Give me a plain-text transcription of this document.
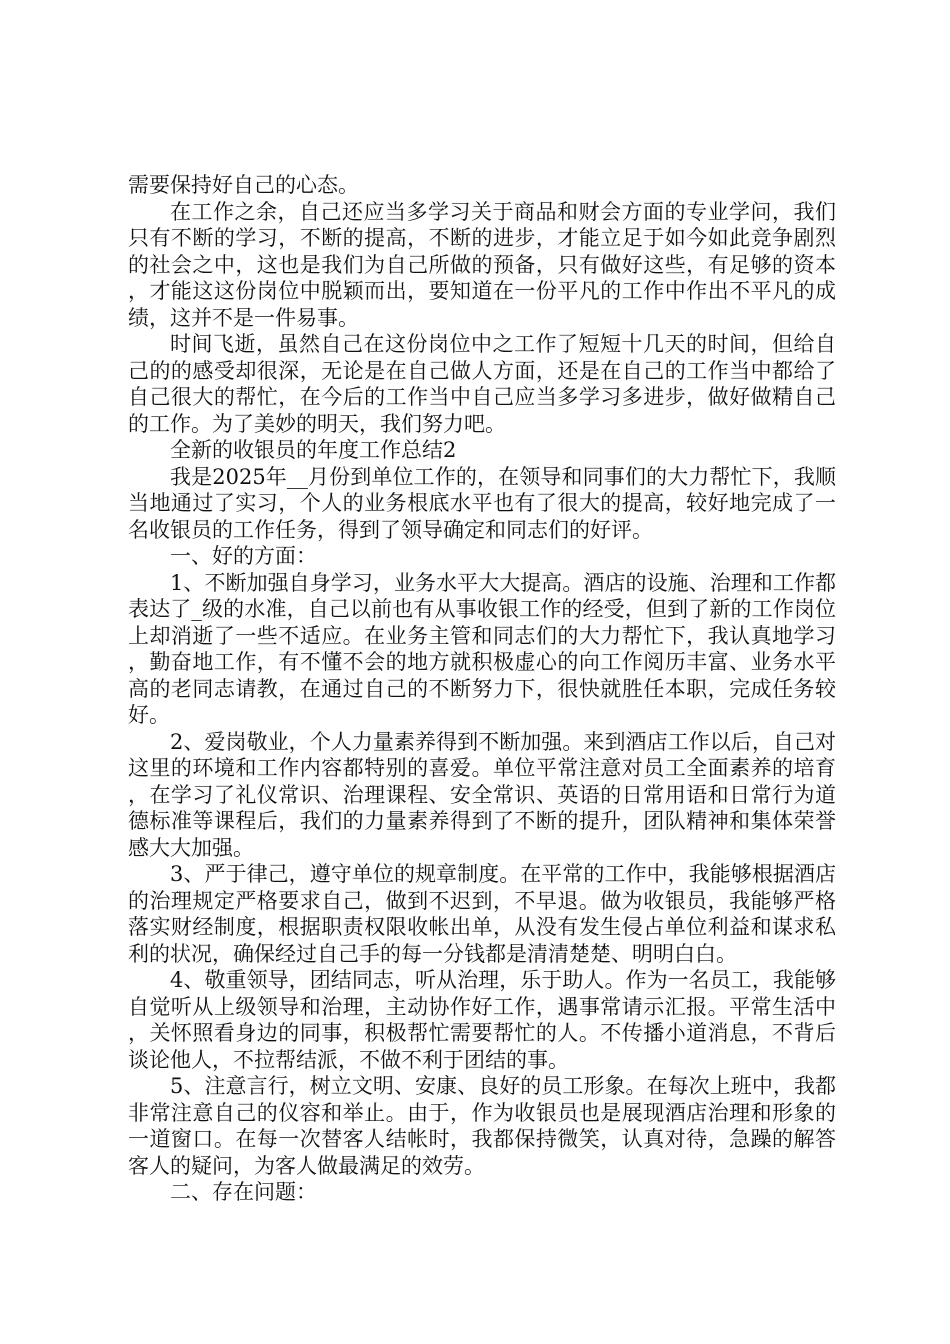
需要保持好自己的心态。

在工作之余，自己还应当多学习关于商品和财会方面的专业学问，我们只有不断的学习，不断的提高，不断的进步，才能立足于如今如此竞争剧烈的社会之中，这也是我们为自己所做的预备，只有做好这些，有足够的资本，才能这这份岗位中脱颖而出，要知道在一份平凡的工作中作出不平凡的成绩，这并不是一件易事。

时间飞逝，虽然自己在这份岗位中之工作了短短十几天的时间，但给自己的的感受却很深，无论是在自己做人方面，还是在自己的工作当中都给了自己很大的帮忙，在今后的工作当中自己应当多学习多进步，做好做精自己的工作。为了美妙的明天，我们努力吧。

全新的收银员的年度工作总结2

我是2025年__月份到单位工作的，在领导和同事们的大力帮忙下，我顺当地通过了实习，个人的业务根底水平也有了很大的提高，较好地完成了一名收银员的工作任务，得到了领导确定和同志们的好评。

一、好的方面：

1、不断加强自身学习，业务水平大大提高。酒店的设施、治理和工作都表达了_级的水准，自己以前也有从事收银工作的经受，但到了新的工作岗位上却消逝了一些不适应。在业务主管和同志们的大力帮忙下，我认真地学习，勤奋地工作，有不懂不会的地方就积极虚心的向工作阅历丰富、业务水平高的老同志请教，在通过自己的不断努力下，很快就胜任本职，完成任务较好。

2、爱岗敬业，个人力量素养得到不断加强。来到酒店工作以后，自己对这里的环境和工作内容都特别的喜爱。单位平常注意对员工全面素养的培育，在学习了礼仪常识、治理课程、安全常识、英语的日常用语和日常行为道德标准等课程后，我们的力量素养得到了不断的提升，团队精神和集体荣誉感大大加强。

3、严于律己，遵守单位的规章制度。在平常的工作中，我能够根据酒店的治理规定严格要求自己，做到不迟到，不早退。做为收银员，我能够严格落实财经制度，根据职责权限收帐出单，从没有发生侵占单位利益和谋求私利的状况，确保经过自己手的每一分钱都是清清楚楚、明明白白。

4、敬重领导，团结同志，听从治理，乐于助人。作为一名员工，我能够自觉听从上级领导和治理，主动协作好工作，遇事常请示汇报。平常生活中，关怀照看身边的同事，积极帮忙需要帮忙的人。不传播小道消息，不背后谈论他人，不拉帮结派，不做不利于团结的事。

5、注意言行，树立文明、安康、良好的员工形象。在每次上班中，我都非常注意自己的仪容和举止。由于，作为收银员也是展现酒店治理和形象的一道窗口。在每一次替客人结帐时，我都保持微笑，认真对待，急躁的解答客人的疑问，为客人做最满足的效劳。

二、存在问题：
